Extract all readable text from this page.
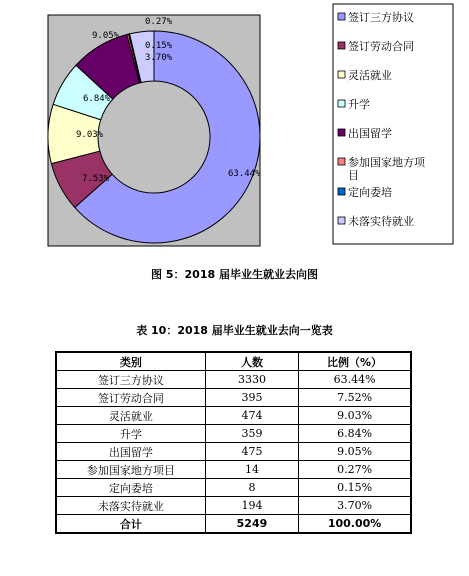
63.44%
7.53%
9.03%
6.84%
9.05%
0.27%
0.15%
3.70%
签订三方协议
签订劳动合同
灵活就业
升学
出国留学
参加国家地方项
目
定向委培
未落实待就业
图 5：2018 届毕业生就业去向图
表 10：2018 届毕业生就业去向一览表
类别	人数	比例（%）
签订三方协议	3330	63.44%
签订劳动合同	395	7.52%
灵活就业	474	9.03%
升学	359	6.84%
出国留学	475	9.05%
参加国家地方项目	14	0.27%
定向委培	8	0.15%
未落实待就业	194	3.70%
合计	5249	100.00%
